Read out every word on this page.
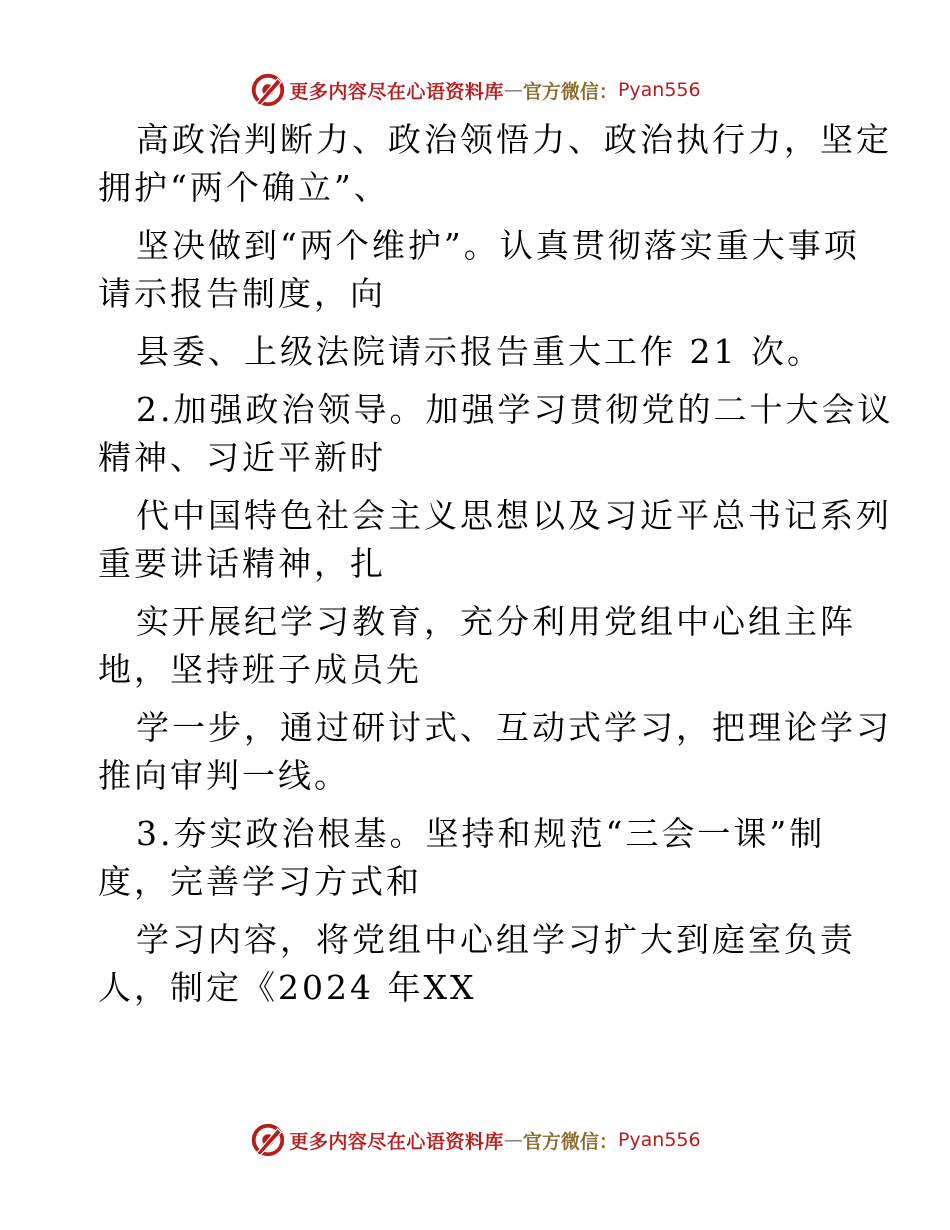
更多内容尽在心语资料库 — 官方微信： Pyan556

高政治判断力、政治领悟力、政治执行力，坚定

拥护“两个确立”、

坚决做到“两个维护”。认真贯彻落实重大事项

请示报告制度，向

县委、上级法院请示报告重大工作 21 次。

2.加强政治领导。加强学习贯彻党的二十大会议

精神、习近平新时

代中国特色社会主义思想以及习近平总书记系列

重要讲话精神，扎

实开展纪学习教育，充分利用党组中心组主阵

地，坚持班子成员先

学一步，通过研讨式、互动式学习，把理论学习

推向审判一线。

3.夯实政治根基。坚持和规范“三会一课”制

度，完善学习方式和

学习内容，将党组中心组学习扩大到庭室负责

人，制定《2024 年XX

更多内容尽在心语资料库 — 官方微信： Pyan556
